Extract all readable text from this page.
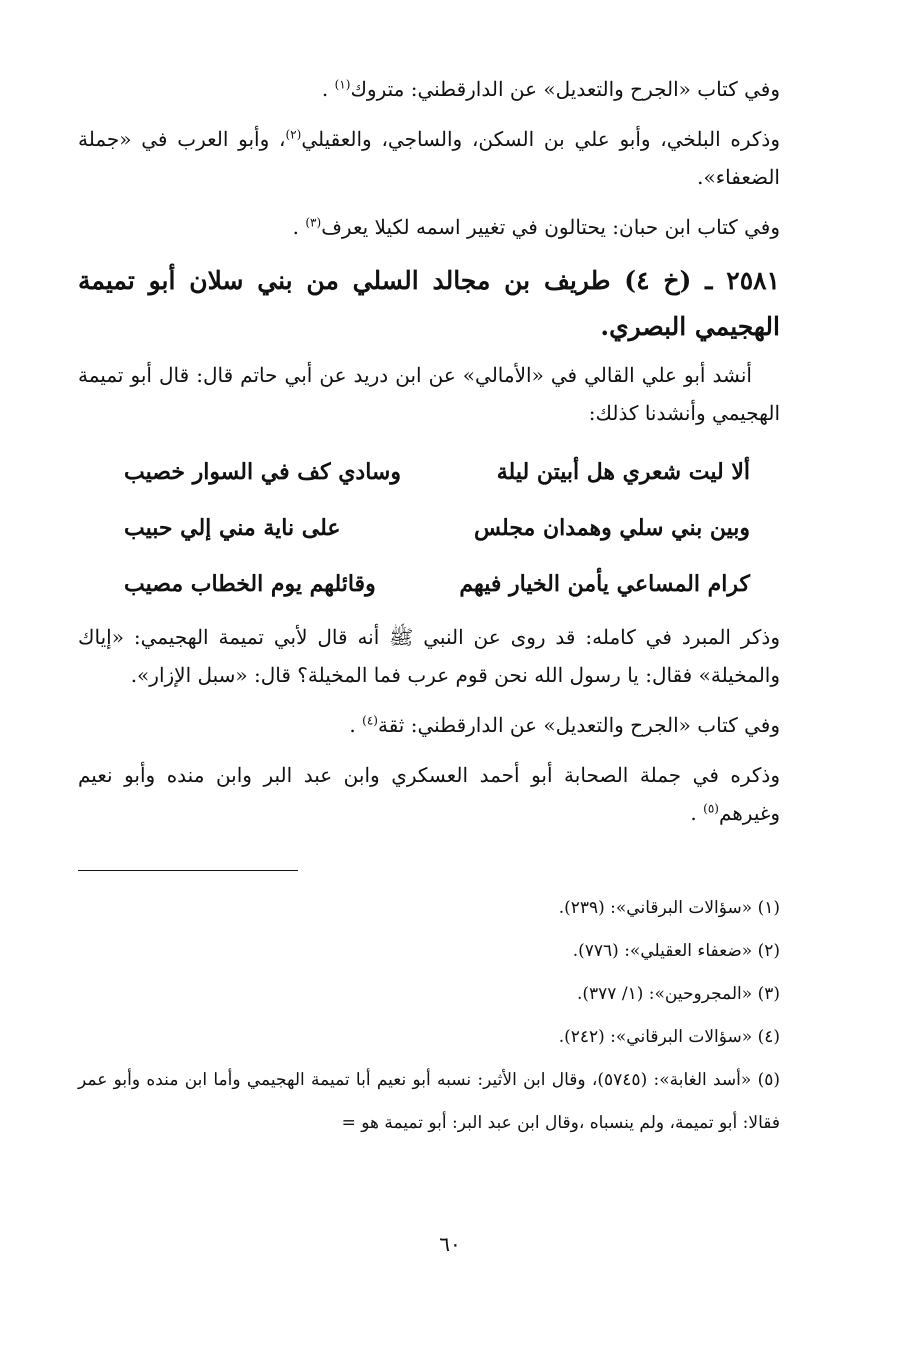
وفي كتاب «الجرح والتعديل» عن الدارقطني: متروك$^{(١)}$ .

وذكره البلخي، وأبو علي بن السكن، والساجي، والعقيلي$^{(٢)}$، وأبو العرب في «جملة الضعفاء».

وفي كتاب ابن حبان: يحتالون في تغيير اسمه لكيلا يعرف$^{(٣)}$ .

٢٥٨١ ـ (خ ٤) طريف بن مجالد السلي من بني سلان أبو تميمة الهجيمي البصري.

أنشد أبو علي القالي في «الأمالي» عن ابن دريد عن أبي حاتم قال: قال أبو تميمة الهجيمي وأنشدنا كذلك:

ألا ليت شعري هل أبيتن ليلة
وسادي كف في السوار خصيب
وبين بني سلي وهمدان مجلس
على ناية مني إلي حبيب
كرام المساعي يأمن الخيار فيهم
وقائلهم يوم الخطاب مصيب

وذكر المبرد في كامله: قد روى عن النبي ﷺ أنه قال لأبي تميمة الهجيمي: «إياك والمخيلة» فقال: يا رسول الله نحن قوم عرب فما المخيلة؟ قال: «سبل الإزار».

وفي كتاب «الجرح والتعديل» عن الدارقطني: ثقة$^{(٤)}$ .

وذكره في جملة الصحابة أبو أحمد العسكري وابن عبد البر وابن منده وأبو نعيم وغيرهم$^{(٥)}$ .

(١) «سؤالات البرقاني»: (٢٣٩).

(٢) «ضعفاء العقيلي»: (٧٧٦).

(٣) «المجروحين»: (١/ ٣٧٧).

(٤) «سؤالات البرقاني»: (٢٤٢).

(٥) «أسد الغابة»: (٥٧٤٥)، وقال ابن الأثير: نسبه أبو نعيم أبا تميمة الهجيمي وأما ابن منده وأبو عمر فقالا: أبو تميمة، ولم ينسباه ،وقال ابن عبد البر: أبو تميمة هو =

٦٠
